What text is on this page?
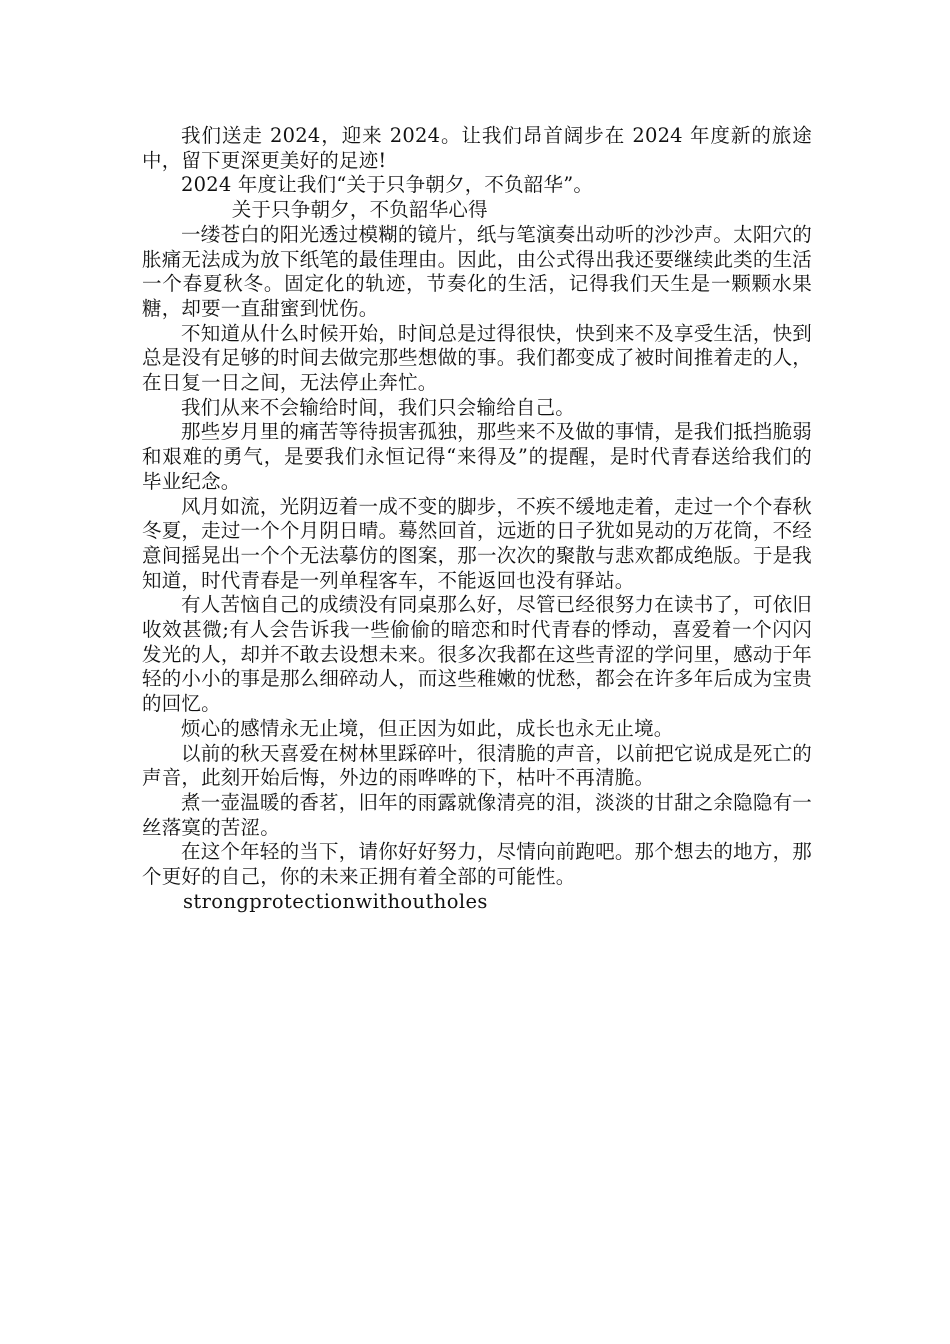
我们送走 2024，迎来 2024。让我们昂首阔步在 2024 年度新的旅途中，留下更深更美好的足迹!

2024 年度让我们“关于只争朝夕，不负韶华”。

关于只争朝夕，不负韶华心得

一缕苍白的阳光透过模糊的镜片，纸与笔演奏出动听的沙沙声。太阳穴的胀痛无法成为放下纸笔的最佳理由。因此，由公式得出我还要继续此类的生活一个春夏秋冬。固定化的轨迹，节奏化的生活，记得我们天生是一颗颗水果糖，却要一直甜蜜到忧伤。

不知道从什么时候开始，时间总是过得很快，快到来不及享受生活，快到总是没有足够的时间去做完那些想做的事。我们都变成了被时间推着走的人，在日复一日之间，无法停止奔忙。

我们从来不会输给时间，我们只会输给自己。

那些岁月里的痛苦等待损害孤独，那些来不及做的事情，是我们抵挡脆弱和艰难的勇气，是要我们永恒记得“来得及”的提醒，是时代青春送给我们的毕业纪念。

风月如流，光阴迈着一成不变的脚步，不疾不缓地走着，走过一个个春秋冬夏，走过一个个月阴日晴。蓦然回首，远逝的日子犹如晃动的万花筒，不经意间摇晃出一个个无法摹仿的图案，那一次次的聚散与悲欢都成绝版。于是我知道，时代青春是一列单程客车，不能返回也没有驿站。

有人苦恼自己的成绩没有同桌那么好，尽管已经很努力在读书了，可依旧收效甚微;有人会告诉我一些偷偷的暗恋和时代青春的悸动，喜爱着一个闪闪发光的人，却并不敢去设想未来。很多次我都在这些青涩的学问里，感动于年轻的小小的事是那么细碎动人，而这些稚嫩的忧愁，都会在许多年后成为宝贵的回忆。

烦心的感情永无止境，但正因为如此，成长也永无止境。

以前的秋天喜爱在树林里踩碎叶，很清脆的声音，以前把它说成是死亡的声音，此刻开始后悔，外边的雨哗哗的下，枯叶不再清脆。

煮一壶温暖的香茗，旧年的雨露就像清亮的泪，淡淡的甘甜之余隐隐有一丝落寞的苦涩。

在这个年轻的当下，请你好好努力，尽情向前跑吧。那个想去的地方，那个更好的自己，你的未来正拥有着全部的可能性。

strongprotectionwithoutholes
